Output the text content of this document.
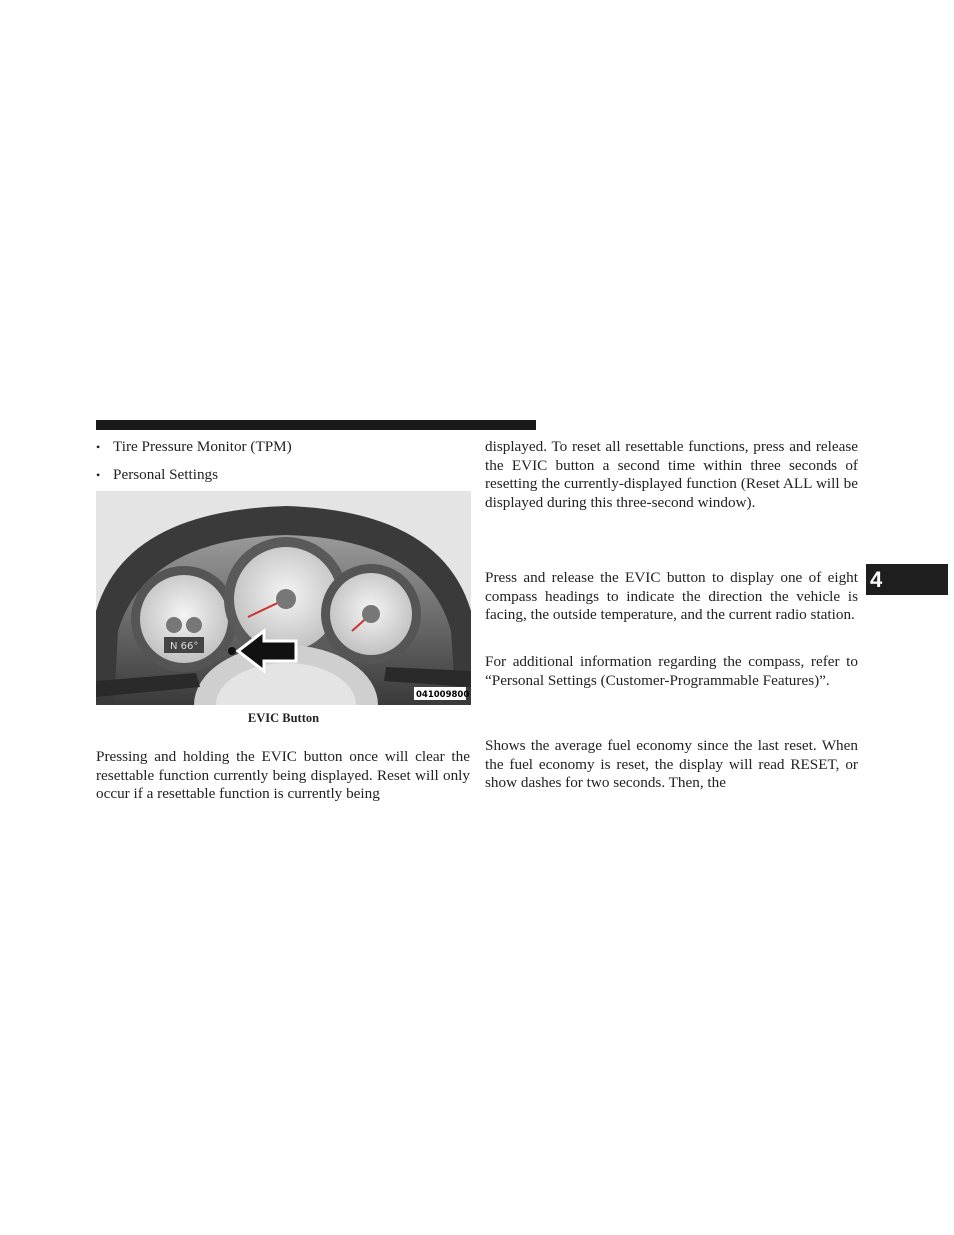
4
• Tire Pressure Monitor (TPM)
• Personal Settings
N 66°
041009800
EVIC Button

Pressing and holding the EVIC button once will clear the resettable function currently being displayed. Reset will only occur if a resettable function is currently being

displayed. To reset all resettable functions, press and release the EVIC button a second time within three seconds of resetting the currently-displayed function (Reset ALL will be displayed during this three-second window).

Press and release the EVIC button to display one of eight compass headings to indicate the direction the vehicle is facing, the outside temperature, and the current radio station.

For additional information regarding the compass, refer to “Personal Settings (Customer-Programmable Features)”.

Shows the average fuel economy since the last reset. When the fuel economy is reset, the display will read RESET, or show dashes for two seconds. Then, the
